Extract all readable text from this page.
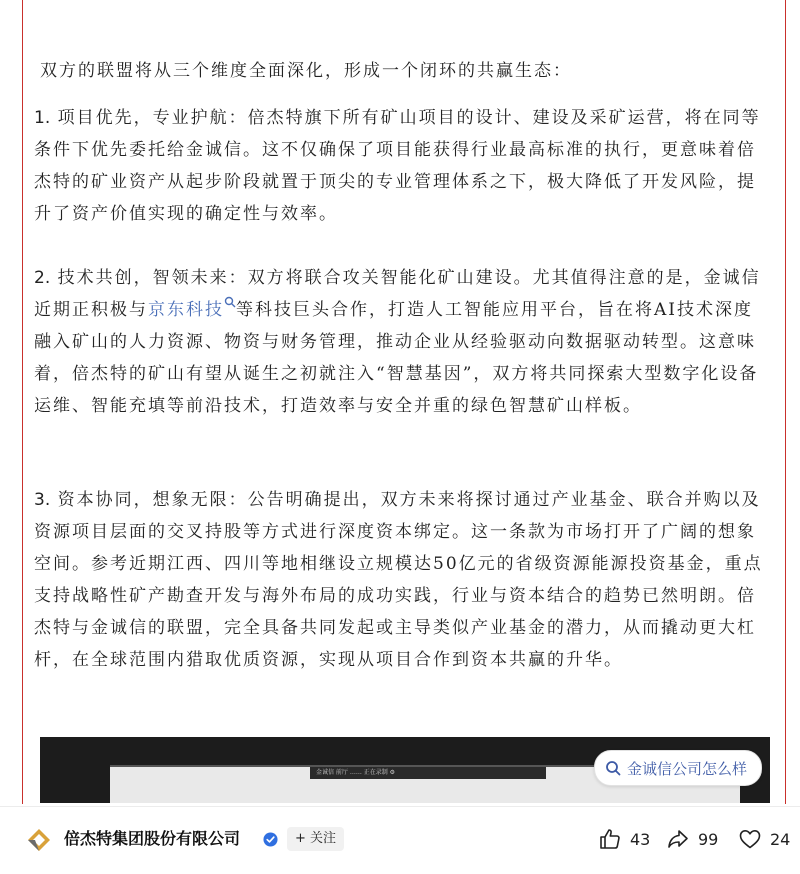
双方的联盟将从三个维度全面深化，形成一个闭环的共赢生态：

1. 项目优先，专业护航：倍杰特旗下所有矿山项目的设计、建设及采矿运营，将在同等条件下优先委托给金诚信。这不仅确保了项目能获得行业最高标准的执行，更意味着倍杰特的矿业资产从起步阶段就置于顶尖的专业管理体系之下，极大降低了开发风险，提升了资产价值实现的确定性与效率。

2. 技术共创，智领未来：双方将联合攻关智能化矿山建设。尤其值得注意的是，金诚信近期正积极与京东科技 等科技巨头合作，打造人工智能应用平台，旨在将AI技术深度融入矿山的人力资源、物资与财务管理，推动企业从经验驱动向数据驱动转型。这意味着，倍杰特的矿山有望从诞生之初就注入“智慧基因”，双方将共同探索大型数字化设备运维、智能充填等前沿技术，打造效率与安全并重的绿色智慧矿山样板。

3. 资本协同，想象无限：公告明确提出，双方未来将探讨通过产业基金、联合并购以及资源项目层面的交叉持股等方式进行深度资本绑定。这一条款为市场打开了广阔的想象空间。参考近期江西、四川等地相继设立规模达50亿元的省级资源能源投资基金，重点支持战略性矿产勘查开发与海外布局的成功实践，行业与资本结合的趋势已然明朗。倍杰特与金诚信的联盟，完全具备共同发起或主导类似产业基金的潜力，从而撬动更大杠杆，在全球范围内猎取优质资源，实现从项目合作到资本共赢的升华。

金诚信 前厅 …… 正在录制 ⚙	金诚信公司怎么样
倍杰特集团股份有限公司	+ 关注	43	99	24
